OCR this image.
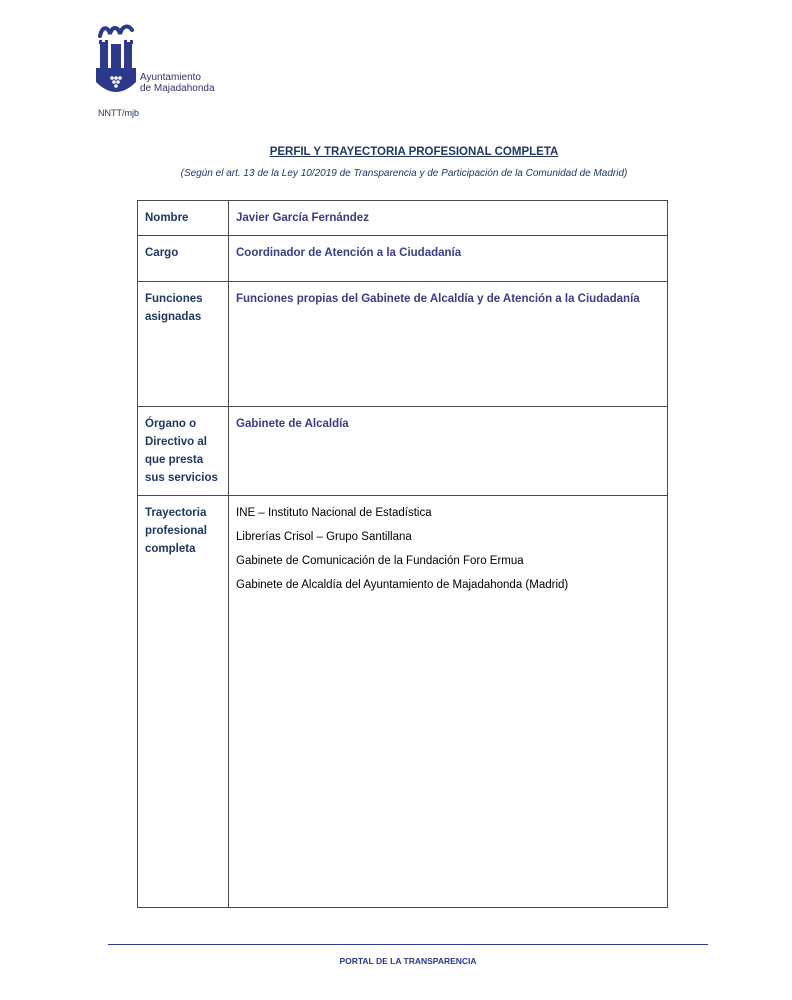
Ayuntamiento
de Majadahonda
NNTT/mjb
PERFIL Y TRAYECTORIA PROFESIONAL COMPLETA
(Según el art. 13 de la Ley 10/2019 de Transparencia y de Participación de la Comunidad de Madrid)
Nombre	Javier García Fernández
Cargo	Coordinador de Atención a la Ciudadanía
Funciones asignadas	Funciones propias del Gabinete de Alcaldía y de Atención a la Ciudadanía
Órgano o Directivo al que presta sus servicios	Gabinete de Alcaldía
Trayectoria profesional completa	INE – Instituto Nacional de Estadística
Librerías Crisol – Grupo Santillana
Gabinete de Comunicación de la Fundación Foro Ermua
Gabinete de Alcaldía del Ayuntamiento de Majadahonda (Madrid)
PORTAL DE LA TRANSPARENCIA
